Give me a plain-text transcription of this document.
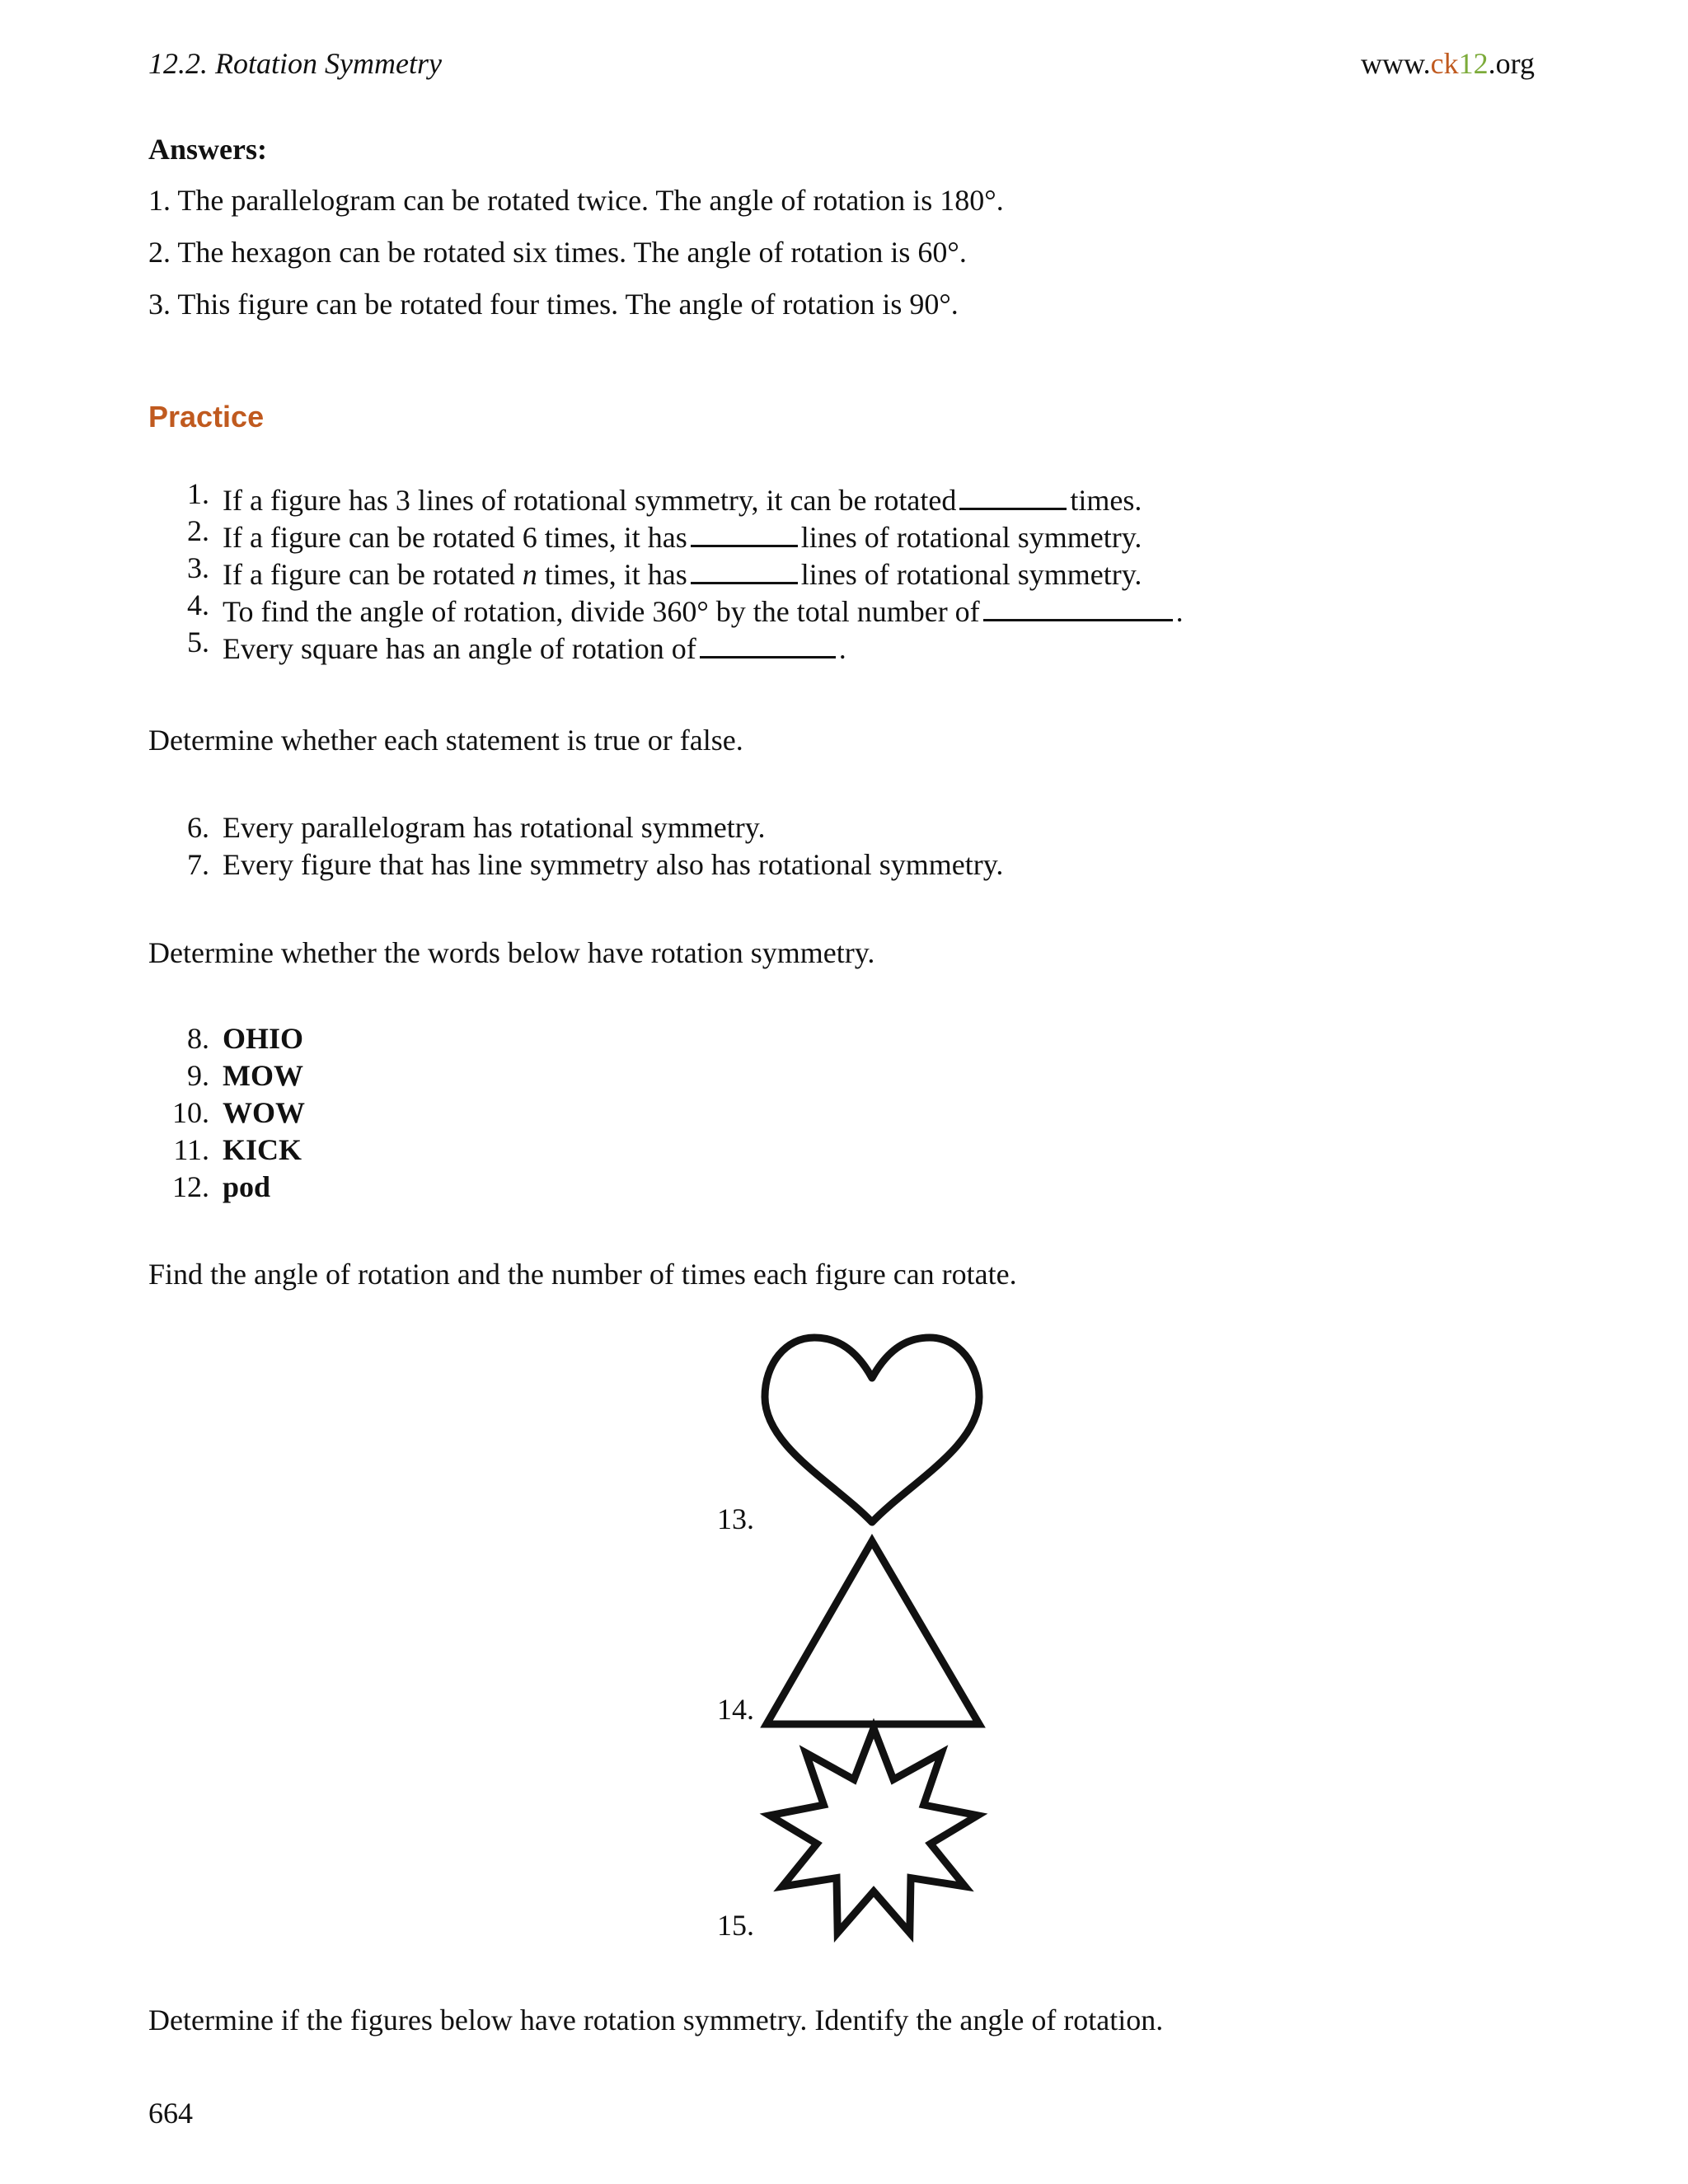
12.2. Rotation Symmetry	www.ck12.org
Answers:
1. The parallelogram can be rotated twice. The angle of rotation is 180°.
2. The hexagon can be rotated six times. The angle of rotation is 60°.
3. This figure can be rotated four times. The angle of rotation is 90°.
Practice
1. If a figure has 3 lines of rotational symmetry, it can be rotated	times.
2. If a figure can be rotated 6 times, it has	lines of rotational symmetry.
3. If a figure can be rotated n times, it has	lines of rotational symmetry.
4. To find the angle of rotation, divide 360° by the total number of	.
5. Every square has an angle of rotation of	.
Determine whether each statement is true or false.
6. Every parallelogram has rotational symmetry.
7. Every figure that has line symmetry also has rotational symmetry.
Determine whether the words below have rotation symmetry.
8. OHIO
9. MOW
10. WOW
11. KICK
12. pod
Find the angle of rotation and the number of times each figure can rotate.
13.
14.
15.
Determine if the figures below have rotation symmetry. Identify the angle of rotation.
664
